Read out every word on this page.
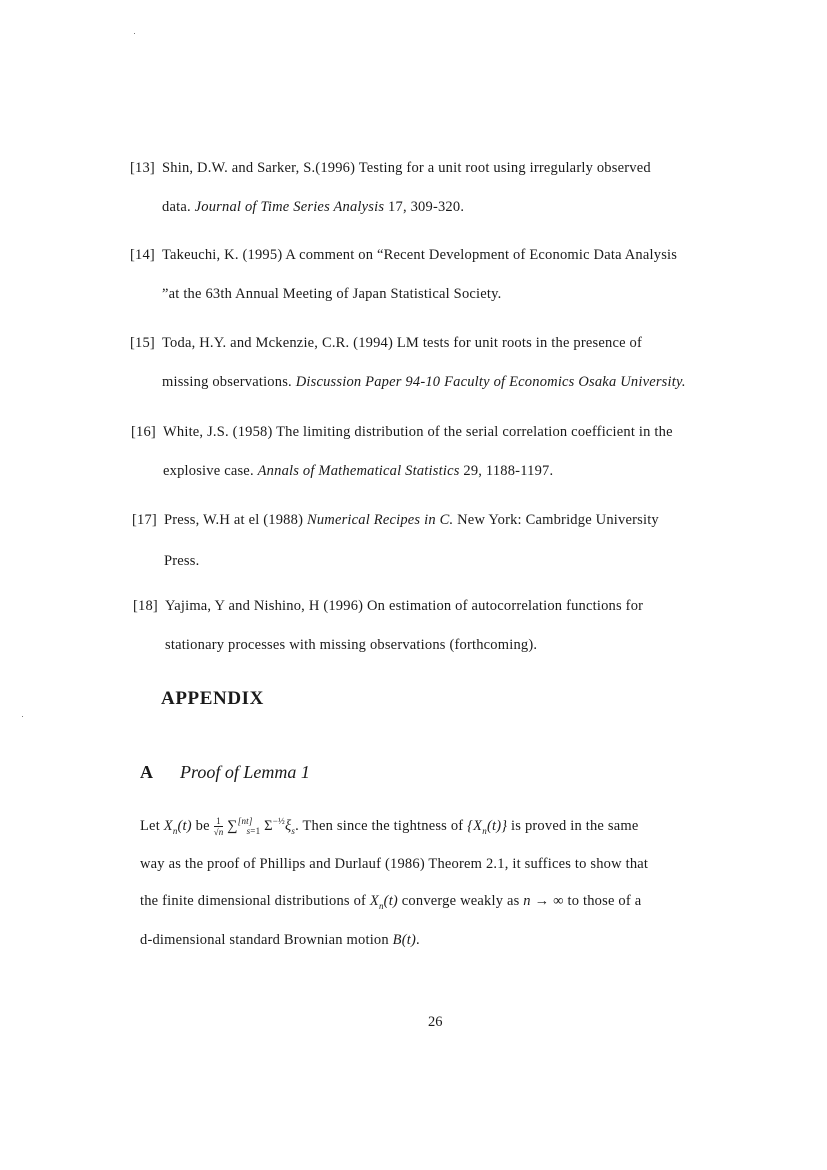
[13] Shin, D.W. and Sarker, S.(1996) Testing for a unit root using irregularly observed
data. Journal of Time Series Analysis 17, 309-320.
[14] Takeuchi, K. (1995) A comment on “Recent Development of Economic Data Analysis
”at the 63th Annual Meeting of Japan Statistical Society.
[15] Toda, H.Y. and Mckenzie, C.R. (1994) LM tests for unit roots in the presence of
missing observations. Discussion Paper 94-10 Faculty of Economics Osaka University.
[16] White, J.S. (1958) The limiting distribution of the serial correlation coefficient in the
explosive case. Annals of Mathematical Statistics 29, 1188-1197.
[17] Press, W.H at el (1988) Numerical Recipes in C. New York: Cambridge University
Press.
[18] Yajima, Y and Nishino, H (1996) On estimation of autocorrelation functions for
stationary processes with missing observations (forthcoming).
APPENDIX
A Proof of Lemma 1
Let $X_n(t)$ be $\frac{1}{√n} \sum[nt]_{s=1}$ $\Sigma^{-\frac{1}{2}}\xi_s$. Then since the tightness of $\{X_n(t)\}$ is proved in the same
way as the proof of Phillips and Durlauf (1986) Theorem 2.1, it suffices to show that
the finite dimensional distributions of $X_n(t)$ converge weakly as n → ∞ to those of a
d-dimensional standard Brownian motion B(t).
26
